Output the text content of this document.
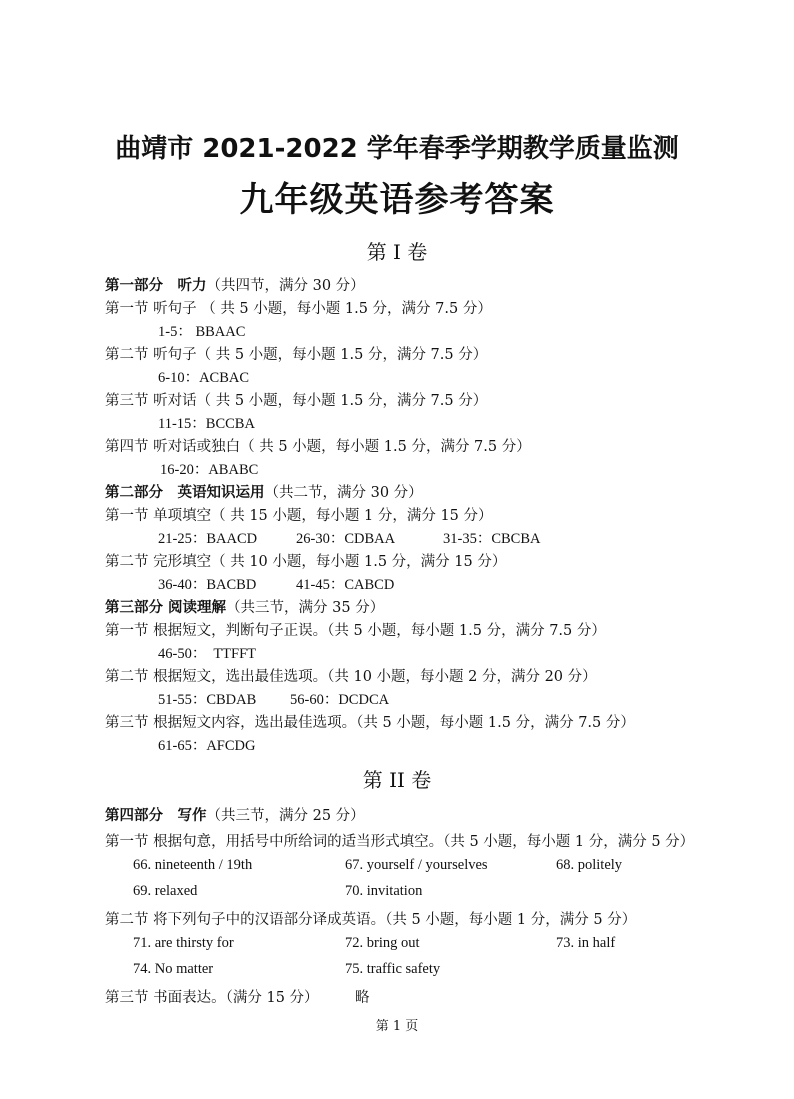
曲靖市 2021-2022 学年春季学期教学质量监测
九年级英语参考答案
第 I 卷
第一部分　听力（共四节，满分 30 分）
第一节 听句子 （ 共 5 小题，每小题 1.5 分，满分 7.5 分）
1-5： BBAAC
第二节 听句子（ 共 5 小题，每小题 1.5 分，满分 7.5 分）
6-10：ACBAC
第三节 听对话（ 共 5 小题，每小题 1.5 分，满分 7.5 分）
11-15：BCCBA
第四节 听对话或独白（ 共 5 小题，每小题 1.5 分，满分 7.5 分）
16-20：ABABC
第二部分　英语知识运用（共二节，满分 30 分）
第一节 单项填空（ 共 15 小题，每小题 1 分，满分 15 分）
21-25：BAACD	26-30：CDBAA	31-35：CBCBA
第二节 完形填空（ 共 10 小题，每小题 1.5 分，满分 15 分）
36-40：BACBD	41-45：CABCD
第三部分 阅读理解（共三节，满分 35 分）
第一节 根据短文，判断句子正误。（共 5 小题，每小题 1.5 分，满分 7.5 分）
46-50：  TTFFT
第二节 根据短文，选出最佳选项。（共 10 小题，每小题 2 分，满分 20 分）
51-55：CBDAB 56-60：DCDCA
第三节 根据短文内容，选出最佳选项。（共 5 小题，每小题 1.5 分，满分 7.5 分）
61-65：AFCDG
第 II 卷
第四部分　写作（共三节，满分 25 分）
第一节 根据句意，用括号中所给词的适当形式填空。（共 5 小题，每小题 1 分，满分 5 分）
66. nineteenth / 19th	67. yourself / yourselves	68. politely
69. relaxed	70. invitation
第二节 将下列句子中的汉语部分译成英语。（共 5 小题，每小题 1 分，满分 5 分）
71. are thirsty for	72. bring out	73. in half
74. No matter	75. traffic safety
第三节 书面表达。（满分 15 分）	略
第 1 页
